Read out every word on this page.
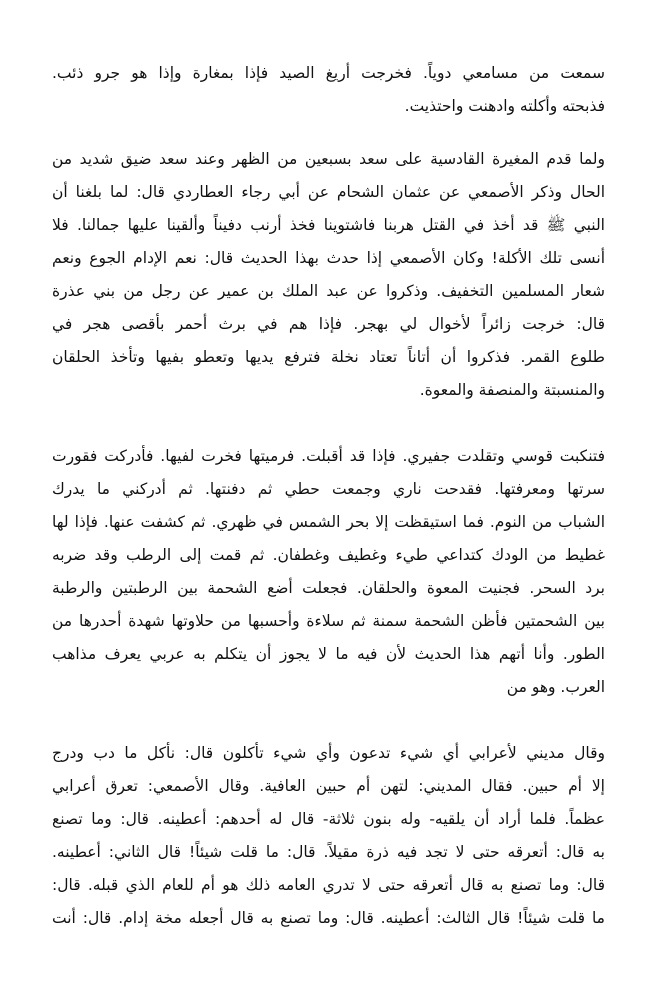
سمعت من مسامعي دوياً. فخرجت أريغ الصيد فإذا بمغارة وإذا هو جرو ذئب.
فذبحته وأكلته وادهنت واحتذيت.
ولما قدم المغيرة القادسية على سعد بسبعين من الظهر وعند سعد ضيق شديد من
الحال وذكر الأصمعي عن عثمان الشحام عن أبي رجاء العطاردي قال: لما بلغنا أن
النبي ﷺ قد أخذ في القتل هربنا فاشتوينا فخذ أرنب دفيناً وألقينا عليها جمالنا. فلا
أنسى تلك الأكلة! وكان الأصمعي إذا حدث بهذا الحديث قال: نعم الإدام الجوع ونعم
شعار المسلمين التخفيف. وذكروا عن عبد الملك بن عمير عن رجل من بني عذرة
قال: خرجت زائراً لأخوال لي بهجر. فإذا هم في برث أحمر بأقصى هجر في
طلوع القمر. فذكروا أن أتاناً تعتاد نخلة فترفع يديها وتعطو بفيها وتأخذ الحلقان
والمنسبتة والمنصفة والمعوة.
فتنكبت قوسي وتقلدت جفيري. فإذا قد أقبلت. فرميتها فخرت لفيها. فأدركت فقورت
سرتها ومعرفتها. فقدحت ناري وجمعت حطي ثم دفنتها. ثم أدركني ما يدرك
الشباب من النوم. فما استيقظت إلا بحر الشمس في ظهري. ثم كشفت عنها. فإذا لها
غطيط من الودك كتداعي طيء وغطيف وغطفان. ثم قمت إلى الرطب وقد ضربه
برد السحر. فجنيت المعوة والحلقان. فجعلت أضع الشحمة بين الرطبتين والرطبة
بين الشحمتين فأظن الشحمة سمنة ثم سلاءة وأحسبها من حلاوتها شهدة أحدرها من
الطور. وأنا أتهم هذا الحديث لأن فيه ما لا يجوز أن يتكلم به عربي يعرف مذاهب
العرب. وهو من
وقال مديني لأعرابي أي شيء تدعون وأي شيء تأكلون قال: نأكل ما دب ودرج
إلا أم حبين. فقال المديني: لتهن أم حبين العافية. وقال الأصمعي: تعرق أعرابي
عظماً. فلما أراد أن يلقيه- وله بنون ثلاثة- قال له أحدهم: أعطينه. قال: وما تصنع
به قال: أتعرقه حتى لا تجد فيه ذرة مقيلاً. قال: ما قلت شيئاً! قال الثاني: أعطينه.
قال: وما تصنع به قال أتعرقه حتى لا تدري العامه ذلك هو أم للعام الذي قبله. قال:
ما قلت شيئاً! قال الثالث: أعطينه. قال: وما تصنع به قال أجعله مخة إدام. قال: أنت
